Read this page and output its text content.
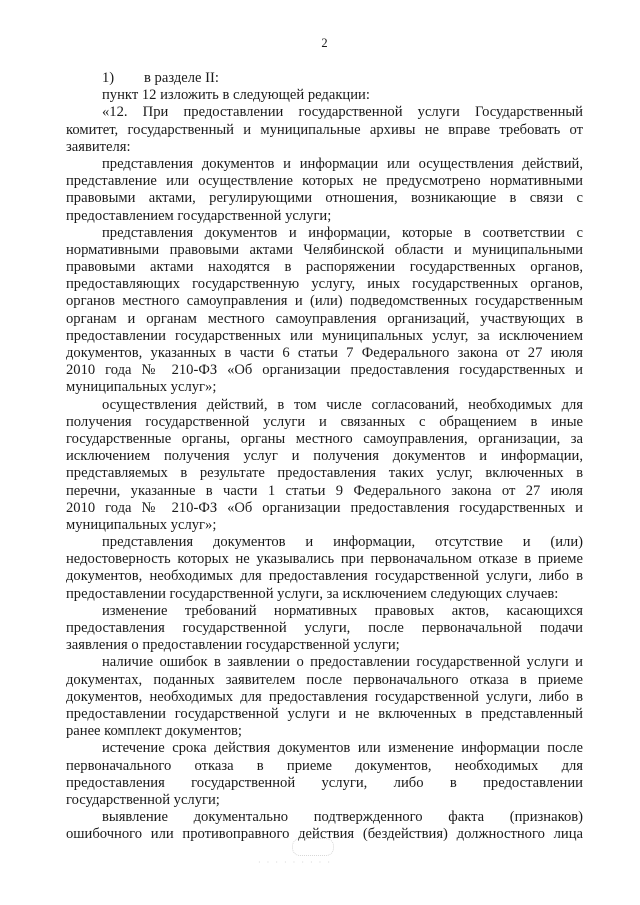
2
1) в разделе II:
пункт 12 изложить в следующей редакции:
«12. При предоставлении государственной услуги Государственный
комитет, государственный и муниципальные архивы не вправе требовать от
заявителя:
представления документов и информации или осуществления действий,
представление или осуществление которых не предусмотрено нормативными
правовыми актами, регулирующими отношения, возникающие в связи с
предоставлением государственной услуги;
представления документов и информации, которые в соответствии с
нормативными правовыми актами Челябинской области и муниципальными
правовыми актами находятся в распоряжении государственных органов,
предоставляющих государственную услугу, иных государственных органов,
органов местного самоуправления и (или) подведомственных государственным
органам и органам местного самоуправления организаций, участвующих в
предоставлении государственных или муниципальных услуг, за исключением
документов, указанных в части 6 статьи 7 Федерального закона от 27 июля
2010 года № 210-ФЗ «Об организации предоставления государственных и
муниципальных услуг»;
осуществления действий, в том числе согласований, необходимых для
получения государственной услуги и связанных с обращением в иные
государственные органы, органы местного самоуправления, организации, за
исключением получения услуг и получения документов и информации,
представляемых в результате предоставления таких услуг, включенных в
перечни, указанные в части 1 статьи 9 Федерального закона от 27 июля
2010 года № 210-ФЗ «Об организации предоставления государственных и
муниципальных услуг»;
представления документов и информации, отсутствие и (или)
недостоверность которых не указывались при первоначальном отказе в приеме
документов, необходимых для предоставления государственной услуги, либо в
предоставлении государственной услуги, за исключением следующих случаев:
изменение требований нормативных правовых актов, касающихся
предоставления государственной услуги, после первоначальной подачи
заявления о предоставлении государственной услуги;
наличие ошибок в заявлении о предоставлении государственной услуги и
документах, поданных заявителем после первоначального отказа в приеме
документов, необходимых для предоставления государственной услуги, либо в
предоставлении государственной услуги и не включенных в представленный
ранее комплект документов;
истечение срока действия документов или изменение информации после
первоначального отказа в приеме документов, необходимых для
предоставления государственной услуги, либо в предоставлении
государственной услуги;
выявление документально подтвержденного факта (признаков)
ошибочного или противоправного действия (бездействия) должностного лица
· · · · · · · · ·
